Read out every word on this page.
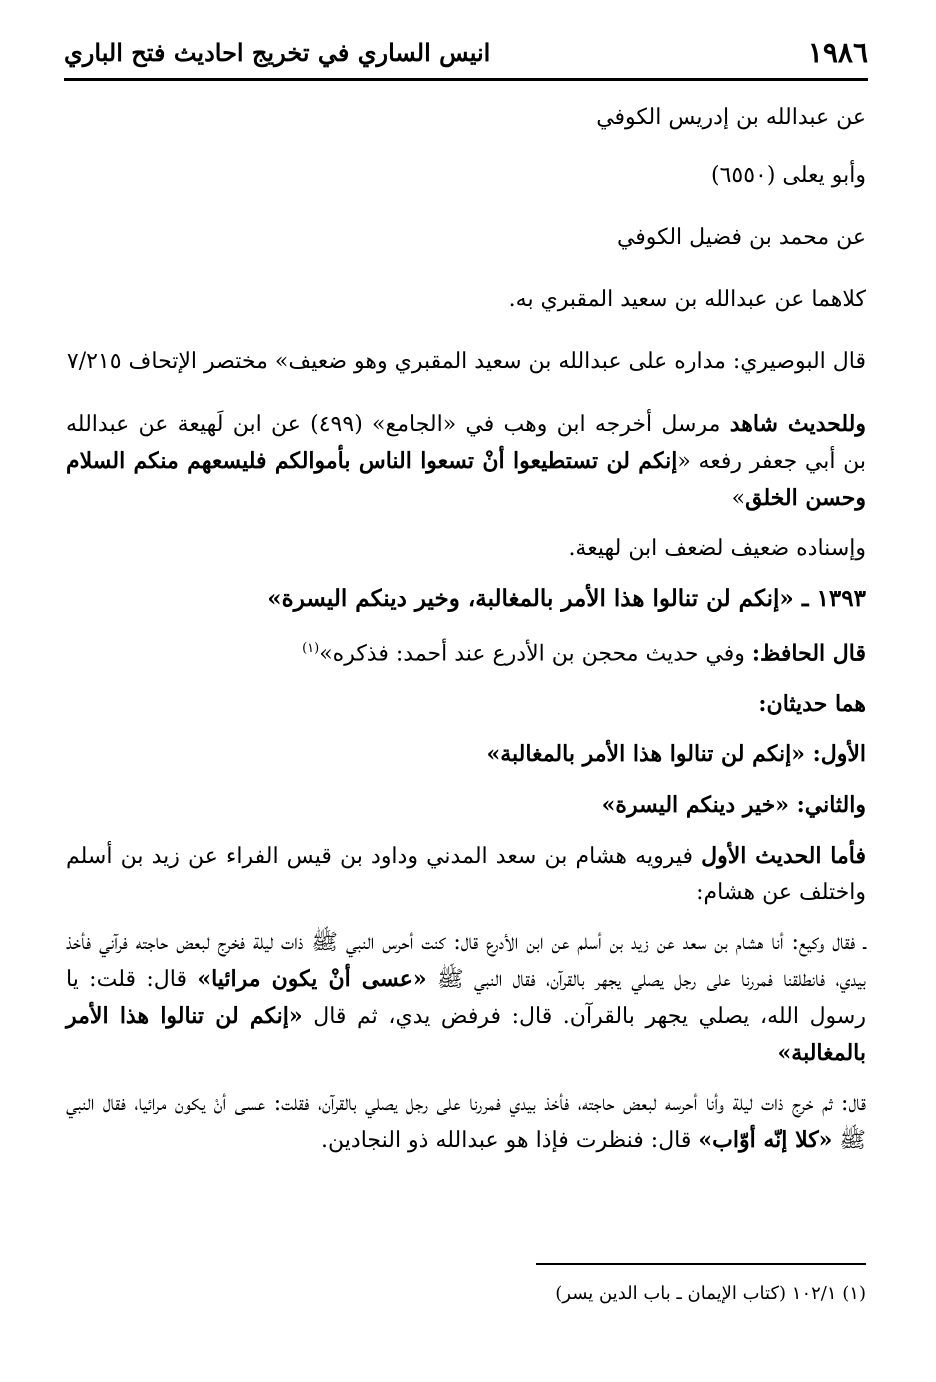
١٩٨٦
انيس الساري في تخريج احاديث فتح الباري

عن عبدالله بن إدريس الكوفي

وأبو يعلى (٦٥٥٠)

عن محمد بن فضيل الكوفي

كلاهما عن عبدالله بن سعيد المقبري به.

قال البوصيري: مداره على عبدالله بن سعيد المقبري وهو ضعيف» مختصر الإتحاف ٧/٢١٥

وللحديث شاهد مرسل أخرجه ابن وهب في «الجامع» (٤٩٩) عن ابن لَهيعة عن عبدالله بن أبي جعفر رفعه «إنكم لن تستطيعوا أنْ تسعوا الناس بأموالكم فليسعهم منكم السلام وحسن الخلق»

وإسناده ضعيف لضعف ابن لهيعة.

١٣٩٣ ـ «إنكم لن تنالوا هذا الأمر بالمغالبة، وخير دينكم اليسرة»

قال الحافظ: وفي حديث محجن بن الأدرع عند أحمد: فذكره»$^{(١)}$

هما حديثان:

الأول: «إنكم لن تنالوا هذا الأمر بالمغالبة»

والثاني: «خير دينكم اليسرة»

فأما الحديث الأول فيرويه هشام بن سعد المدني وداود بن قيس الفراء عن زيد بن أسلم واختلف عن هشام:

ـ فقال وكيع: أنا هشام بن سعد عن زيد بن أسلم عن ابن الأدرع قال: كنت أحرس النبي ﷺ ذات ليلة فخرج لبعض حاجته فرآني فأخذ بيدي، فانطلقنا فمررنا على رجل يصلي يجهر بالقرآن، فقال النبي ﷺ «عسى أنْ يكون مرائيا» قال: قلت: يا رسول الله، يصلي يجهر بالقرآن. قال: فرفض يدي، ثم قال «إنكم لن تنالوا هذا الأمر بالمغالبة»

قال: ثم خرج ذات ليلة وأنا أحرسه لبعض حاجته، فأخذ بيدي فمررنا على رجل يصلي بالقرآن، فقلت: عسى أنْ يكون مرائيا، فقال النبي ﷺ «كلا إنّه أوّاب» قال: فنظرت فإذا هو عبدالله ذو النجادين.

(١) ١٠٢/١ (كتاب الإيمان ـ باب الدين يسر)
